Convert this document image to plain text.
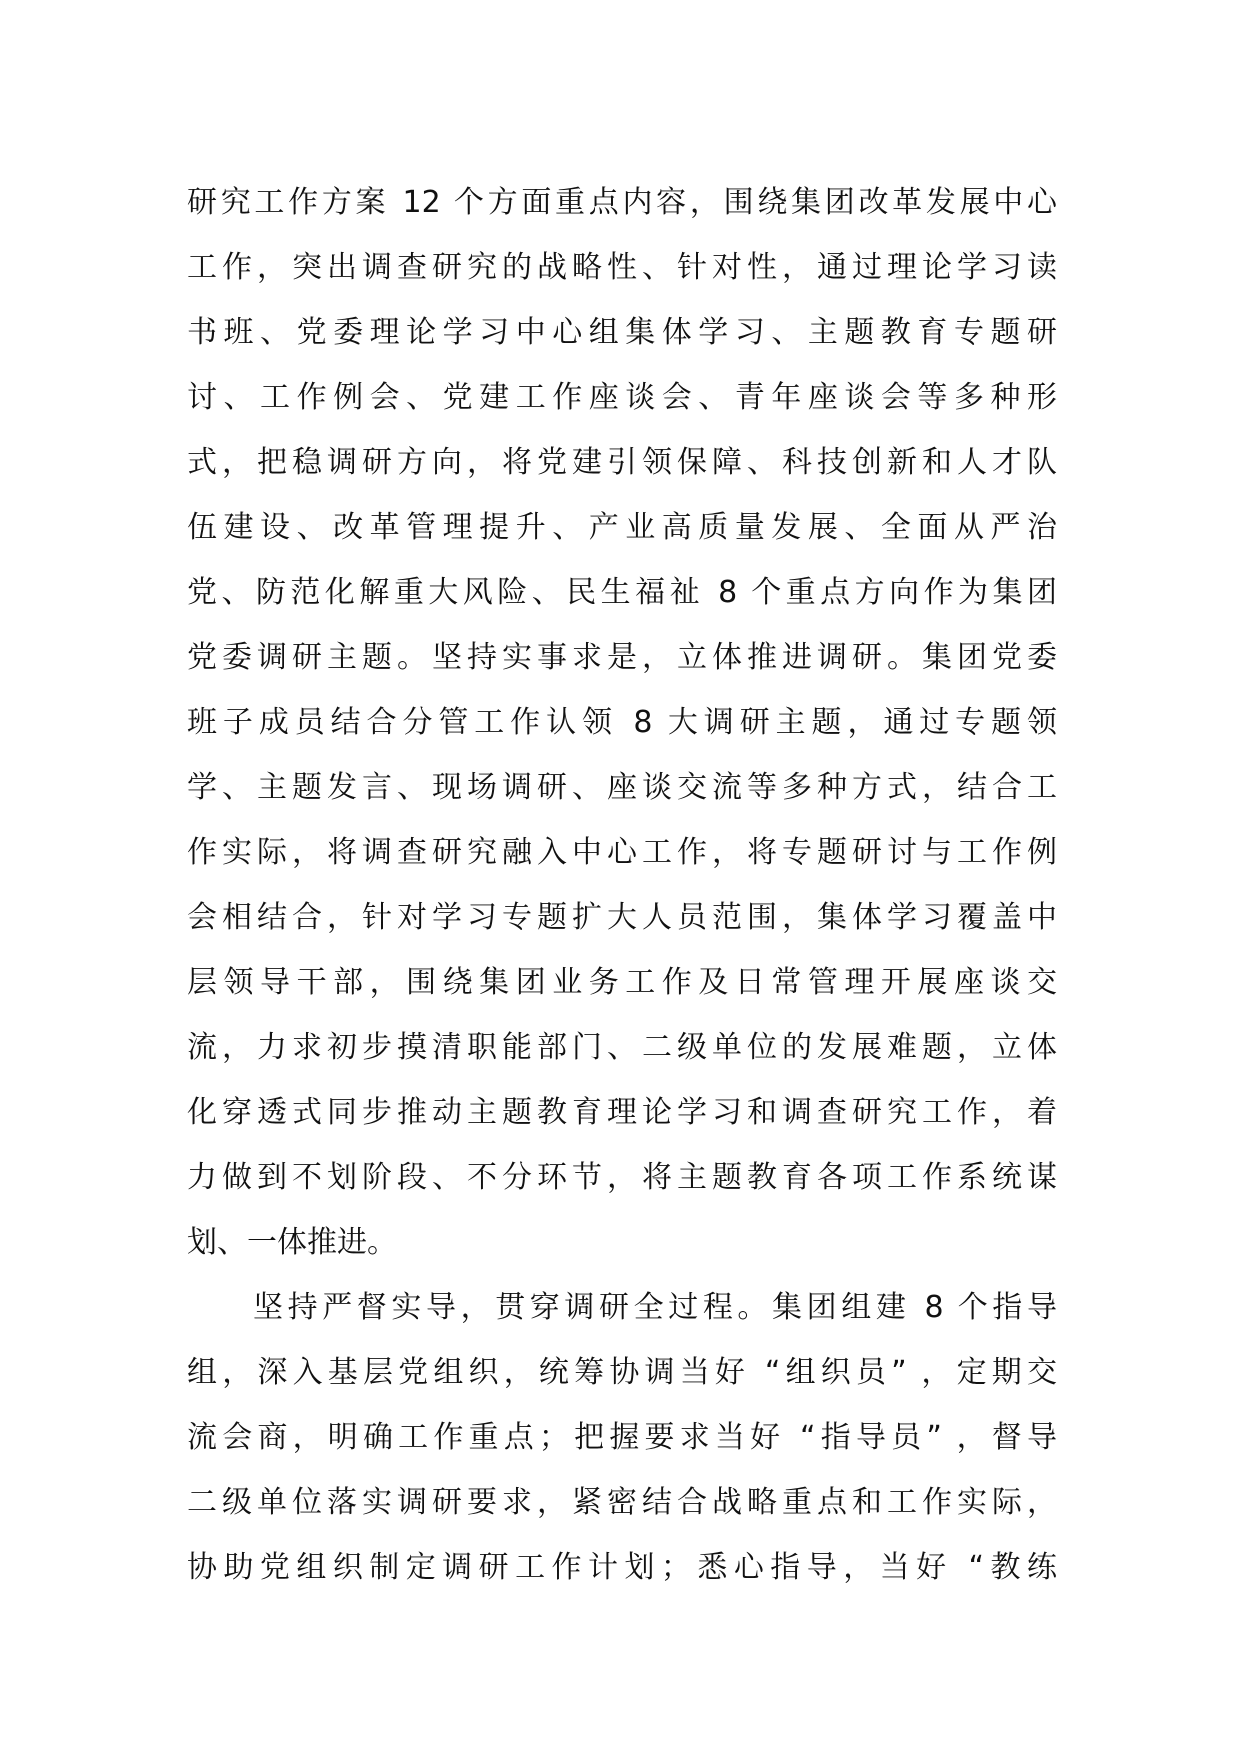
研究工作方案 12 个方面重点内容，围绕集团改革发展中心
工作，突出调查研究的战略性、针对性，通过理论学习读
书班、党委理论学习中心组集体学习、主题教育专题研
讨、工作例会、党建工作座谈会、青年座谈会等多种形
式，把稳调研方向，将党建引领保障、科技创新和人才队
伍建设、改革管理提升、产业高质量发展、全面从严治
党、防范化解重大风险、民生福祉 8 个重点方向作为集团
党委调研主题。坚持实事求是，立体推进调研。集团党委
班子成员结合分管工作认领 8 大调研主题，通过专题领
学、主题发言、现场调研、座谈交流等多种方式，结合工
作实际，将调查研究融入中心工作，将专题研讨与工作例
会相结合，针对学习专题扩大人员范围，集体学习覆盖中
层领导干部，围绕集团业务工作及日常管理开展座谈交
流，力求初步摸清职能部门、二级单位的发展难题，立体
化穿透式同步推动主题教育理论学习和调查研究工作，着
力做到不划阶段、不分环节，将主题教育各项工作系统谋
划、一体推进。
坚持严督实导，贯穿调研全过程。集团组建 8 个指导
组，深入基层党组织，统筹协调当好 “组织员” ，定期交
流会商，明确工作重点；把握要求当好 “指导员” ，督导
二级单位落实调研要求，紧密结合战略重点和工作实际，
协助党组织制定调研工作计划；悉心指导，当好 “教练
